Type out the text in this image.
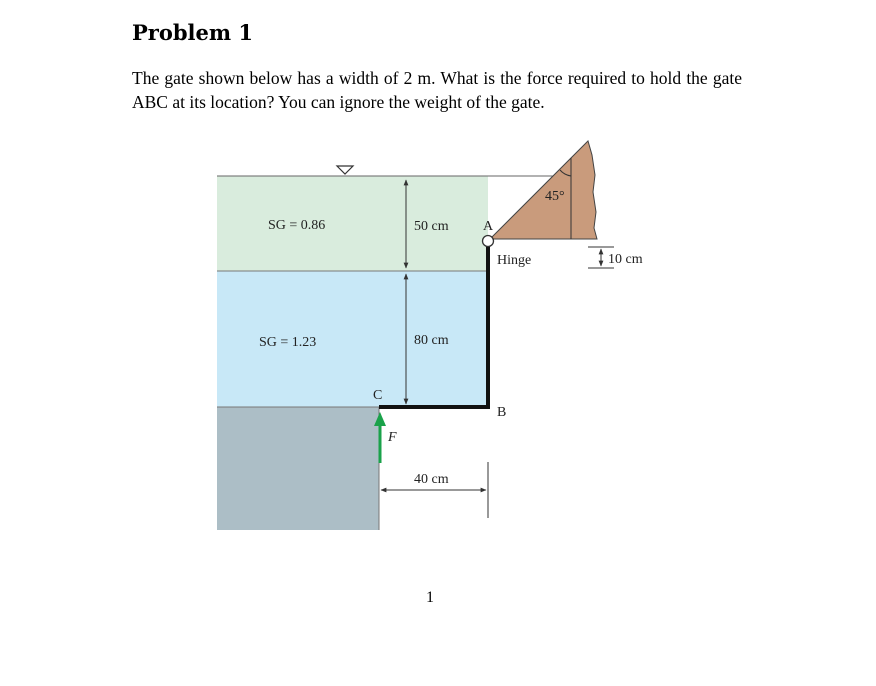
Problem 1
The gate shown below has a width of 2 m. What is the force required to hold the gate ABC at its location? You can ignore the weight of the gate.
45°
A
Hinge
B
C
SG = 0.86
SG = 1.23
50 cm
80 cm
40 cm
10 cm
F
1
